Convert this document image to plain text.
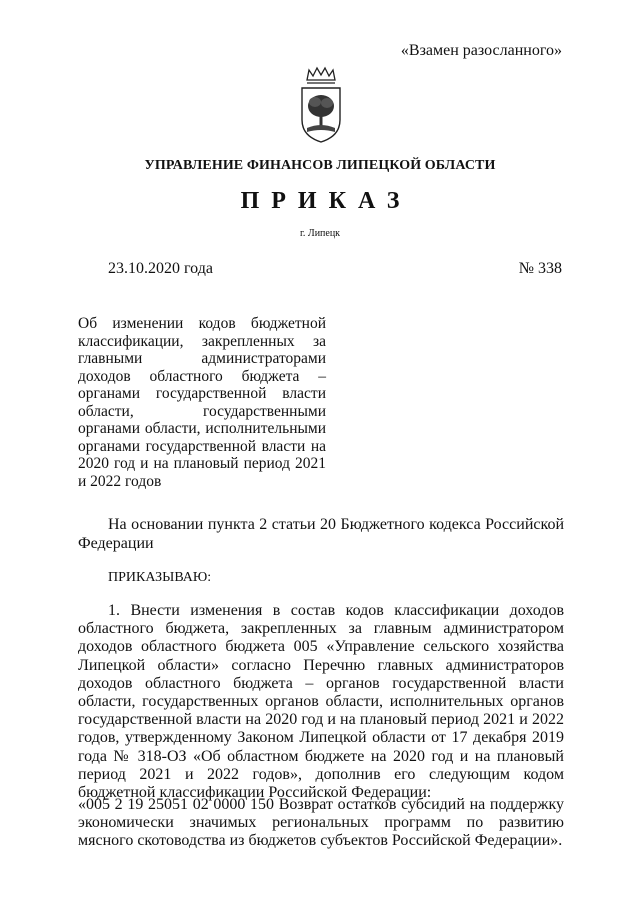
«Взамен разосланного»
УПРАВЛЕНИЕ ФИНАНСОВ ЛИПЕЦКОЙ ОБЛАСТИ
ПРИКАЗ
г. Липецк
23.10.2020 года	№ 338
Об изменении кодов бюджетной классификации, закрепленных за главными администраторами доходов областного бюджета – органами государственной власти области, государственными органами области, исполнительными органами государственной власти на 2020 год и на плановый период 2021 и 2022 годов
На основании пункта 2 статьи 20 Бюджетного кодекса Российской Федерации
ПРИКАЗЫВАЮ:
1. Внести изменения в состав кодов классификации доходов областного бюджета, закрепленных за главным администратором доходов областного бюджета 005 «Управление сельского хозяйства Липецкой области» согласно Перечню главных администраторов доходов областного бюджета – органов государственной власти области, государственных органов области, исполнительных органов государственной власти на 2020 год и на плановый период 2021 и 2022 годов, утвержденному Законом Липецкой области от 17 декабря 2019 года № 318-ОЗ «Об областном бюджете на 2020 год и на плановый период 2021 и 2022 годов», дополнив его следующим кодом бюджетной классификации Российской Федерации:
«005 2 19 25051 02 0000 150 Возврат остатков субсидий на поддержку экономически значимых региональных программ по развитию мясного скотоводства из бюджетов субъектов Российской Федерации».
